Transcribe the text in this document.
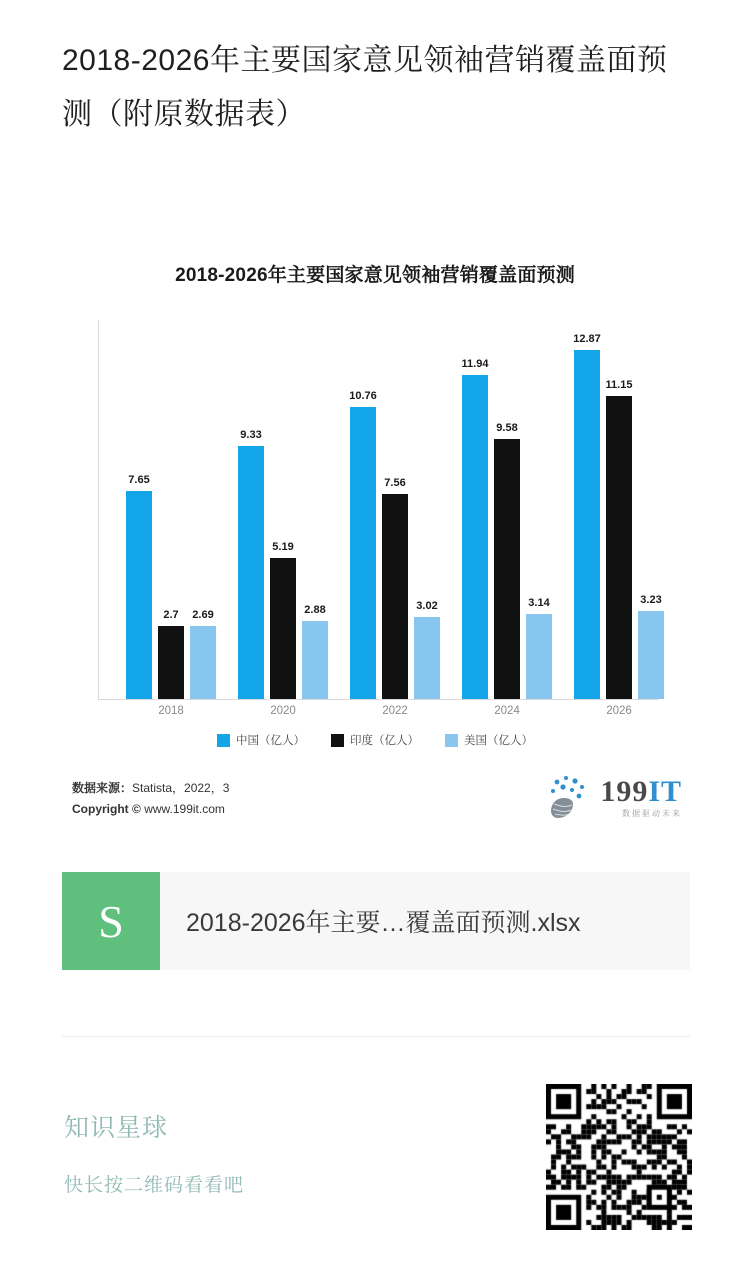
2018-2026年主要国家意见领袖营销覆盖面预测（附原数据表）
2018-2026年主要国家意见领袖营销覆盖面预测
7.65
2.7 2.69
9.33
5.19
2.88
10.76
7.56
3.02
11.94
9.58
3.14
12.87
11.15
3.23
2018	2020	2022	2024	2026
中国（亿人）	印度（亿人）	美国（亿人）
数据来源：Statista，2022，3
Copyright © www.199it.com
199IT
数据驱动未来
S	2018-2026年主要…覆盖面预测.xlsx
知识星球
快长按二维码看看吧
